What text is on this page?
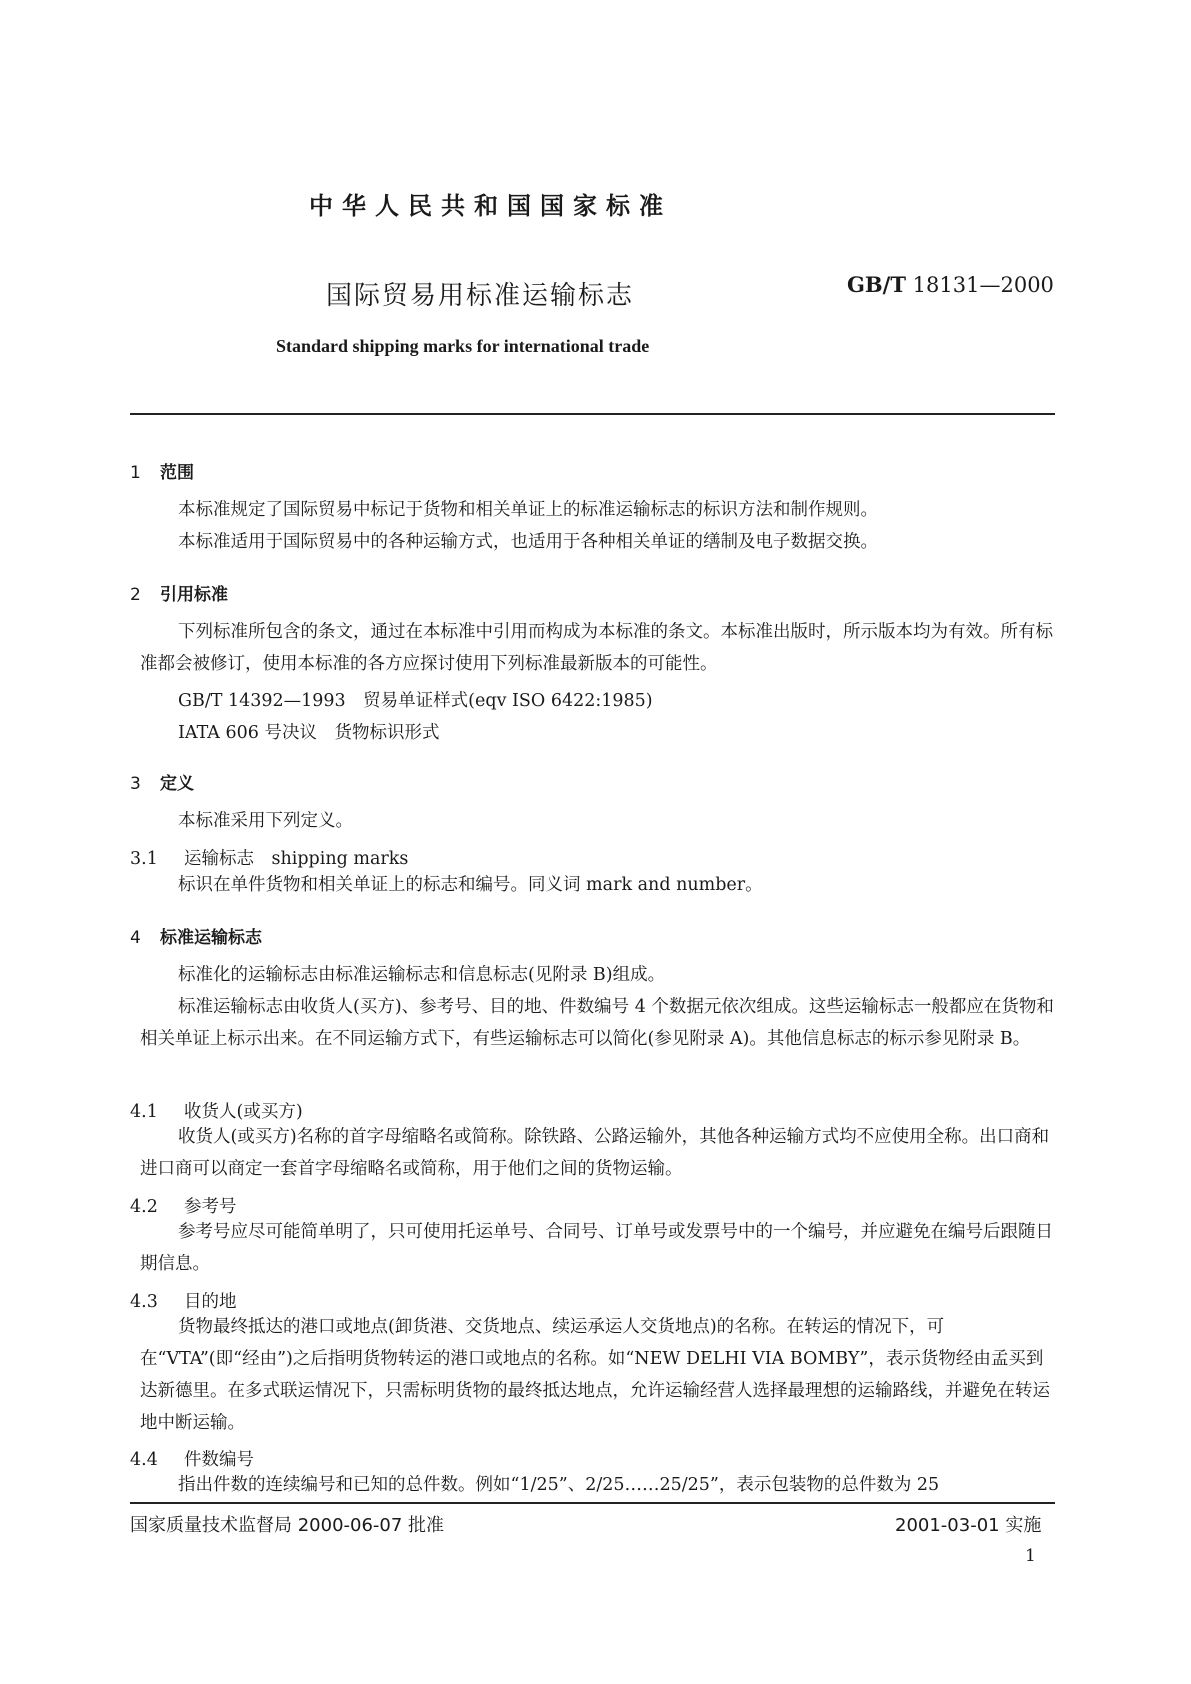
中华人民共和国国家标准
国际贸易用标准运输标志	GB/T 18131—2000
Standard shipping marks for international trade
1 范围
本标准规定了国际贸易中标记于货物和相关单证上的标准运输标志的标识方法和制作规则。
本标准适用于国际贸易中的各种运输方式，也适用于各种相关单证的缮制及电子数据交换。
2 引用标准
下列标准所包含的条文，通过在本标准中引用而构成为本标准的条文。本标准出版时，所示版本均为有效。所有标准都会被修订，使用本标准的各方应探讨使用下列标准最新版本的可能性。
GB/T 14392—1993　贸易单证样式(eqv ISO 6422:1985)
IATA 606 号决议　货物标识形式
3 定义
本标准采用下列定义。
3.1 运输标志　shipping marks
标识在单件货物和相关单证上的标志和编号。同义词 mark and number。
4 标准运输标志
标准化的运输标志由标准运输标志和信息标志(见附录 B)组成。
标准运输标志由收货人(买方)、参考号、目的地、件数编号 4 个数据元依次组成。这些运输标志一般都应在货物和相关单证上标示出来。在不同运输方式下，有些运输标志可以简化(参见附录 A)。其他信息标志的标示参见附录 B。
4.1 收货人(或买方)
收货人(或买方)名称的首字母缩略名或简称。除铁路、公路运输外，其他各种运输方式均不应使用全称。出口商和进口商可以商定一套首字母缩略名或简称，用于他们之间的货物运输。
4.2 参考号
参考号应尽可能简单明了，只可使用托运单号、合同号、订单号或发票号中的一个编号，并应避免在编号后跟随日期信息。
4.3 目的地
货物最终抵达的港口或地点(卸货港、交货地点、续运承运人交货地点)的名称。在转运的情况下，可在“VTA”(即“经由”)之后指明货物转运的港口或地点的名称。如“NEW DELHI VIA BOMBY”，表示货物经由孟买到达新德里。在多式联运情况下，只需标明货物的最终抵达地点，允许运输经营人选择最理想的运输路线，并避免在转运地中断运输。
4.4 件数编号
指出件数的连续编号和已知的总件数。例如“1/25”、2/25……25/25”，表示包装物的总件数为 25
国家质量技术监督局 2000-06-07 批准	2001-03-01 实施
1
